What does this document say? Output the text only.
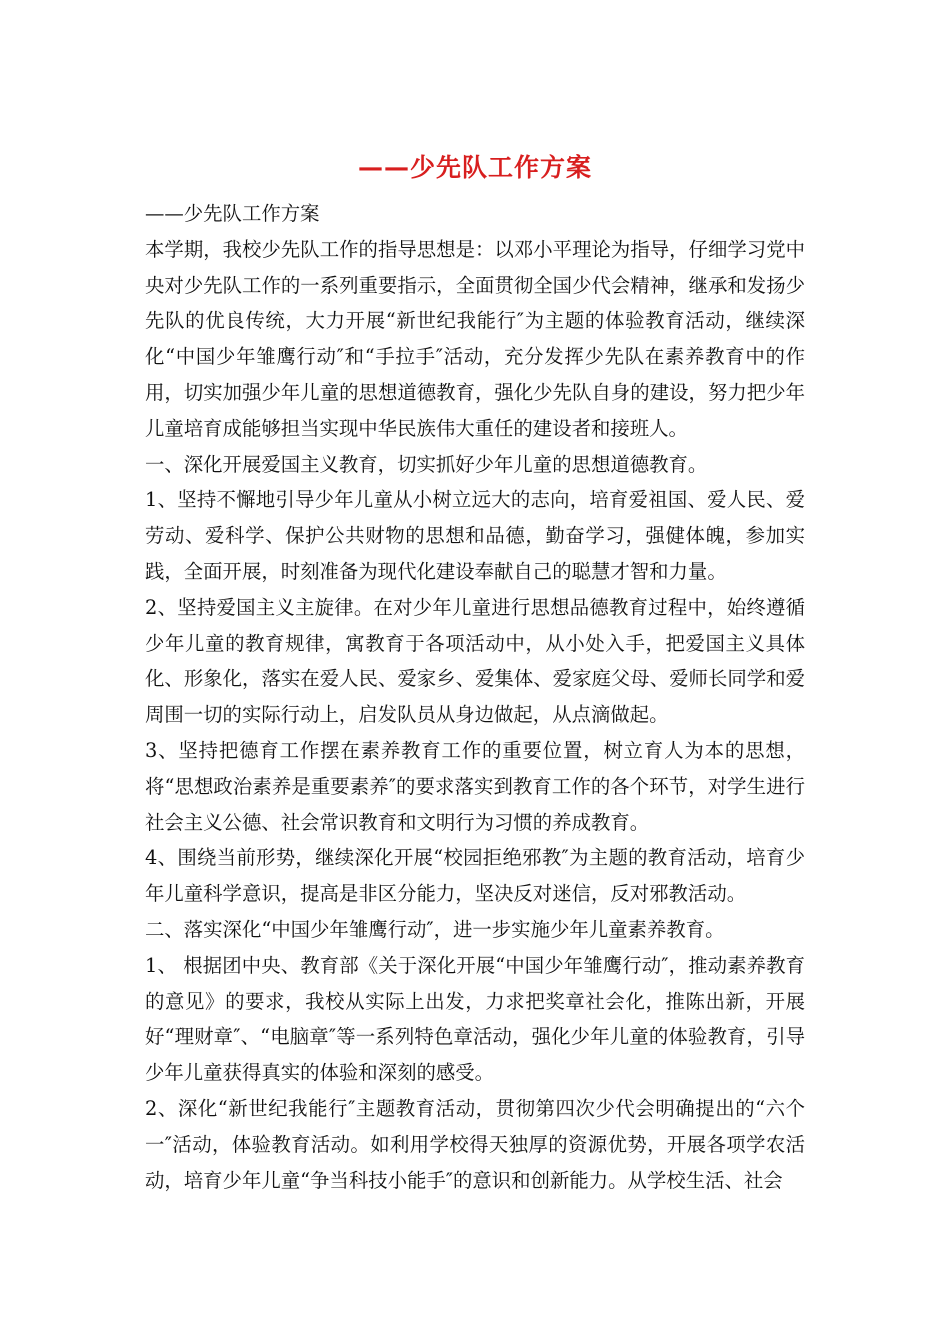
——少先队工作方案

——少先队工作方案

本学期，我校少先队工作的指导思想是：以邓小平理论为指导，仔细学习党中央对少先队工作的一系列重要指示，全面贯彻全国少代会精神，继承和发扬少先队的优良传统，大力开展“新世纪我能行″为主题的体验教育活动，继续深化“中国少年雏鹰行动″和“手拉手″活动，充分发挥少先队在素养教育中的作用，切实加强少年儿童的思想道德教育，强化少先队自身的建设，努力把少年儿童培育成能够担当实现中华民族伟大重任的建设者和接班人。

一、深化开展爱国主义教育，切实抓好少年儿童的思想道德教育。

1、坚持不懈地引导少年儿童从小树立远大的志向，培育爱祖国、爱人民、爱劳动、爱科学、保护公共财物的思想和品德，勤奋学习，强健体魄，参加实践，全面开展，时刻准备为现代化建设奉献自己的聪慧才智和力量。

2、坚持爱国主义主旋律。在对少年儿童进行思想品德教育过程中，始终遵循少年儿童的教育规律，寓教育于各项活动中，从小处入手，把爱国主义具体化、形象化，落实在爱人民、爱家乡、爱集体、爱家庭父母、爱师长同学和爱周围一切的实际行动上，启发队员从身边做起，从点滴做起。

3、坚持把德育工作摆在素养教育工作的重要位置，树立育人为本的思想，将“思想政治素养是重要素养″的要求落实到教育工作的各个环节，对学生进行社会主义公德、社会常识教育和文明行为习惯的养成教育。

4、围绕当前形势，继续深化开展“校园拒绝邪教″为主题的教育活动，培育少年儿童科学意识，提高是非区分能力，坚决反对迷信，反对邪教活动。

二、落实深化“中国少年雏鹰行动″，进一步实施少年儿童素养教育。

1、 根据团中央、教育部《关于深化开展“中国少年雏鹰行动″，推动素养教育的意见》的要求，我校从实际上出发，力求把奖章社会化，推陈出新，开展好“理财章″、“电脑章″等一系列特色章活动，强化少年儿童的体验教育，引导少年儿童获得真实的体验和深刻的感受。

2、深化“新世纪我能行″主题教育活动，贯彻第四次少代会明确提出的“六个一″活动，体验教育活动。如利用学校得天独厚的资源优势，开展各项学农活动，培育少年儿童“争当科技小能手″的意识和创新能力。从学校生活、社会
